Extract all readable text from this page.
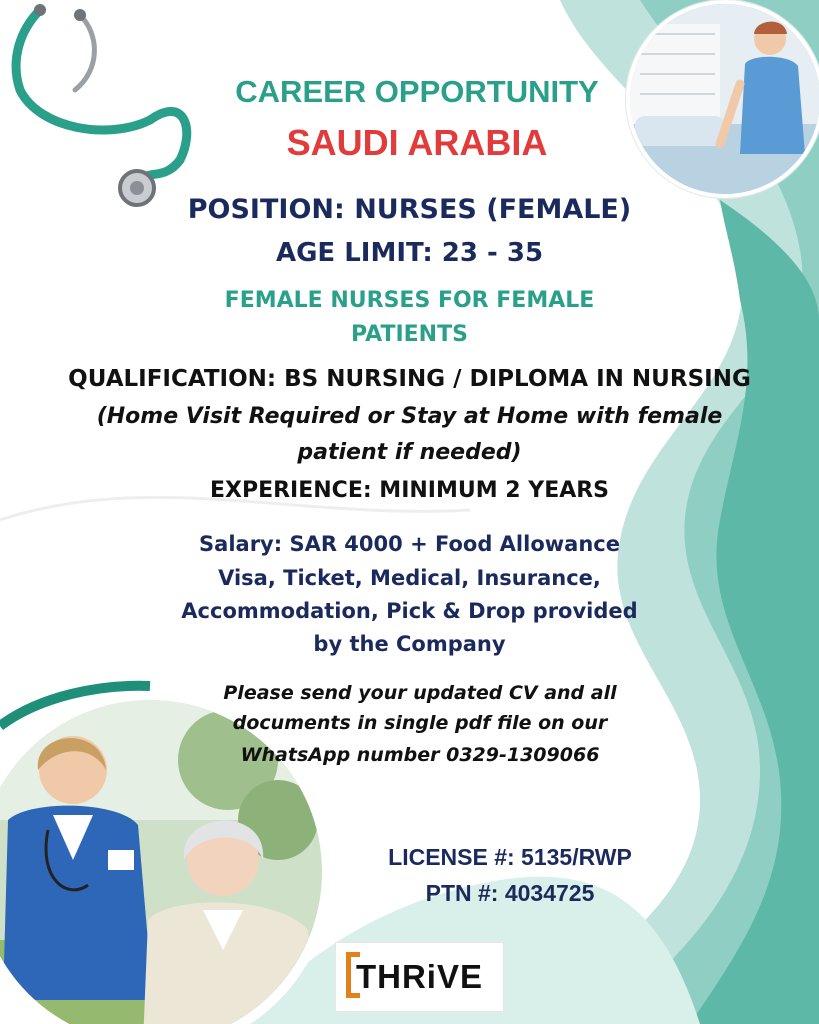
CAREER OPPORTUNITY
SAUDI ARABIA
POSITION: NURSES (FEMALE)
AGE LIMIT: 23 - 35
FEMALE NURSES FOR FEMALE
PATIENTS
QUALIFICATION: BS NURSING / DIPLOMA IN NURSING
(Home Visit Required or Stay at Home with female
patient if needed)
EXPERIENCE: MINIMUM 2 YEARS
Salary: SAR 4000 + Food Allowance
Visa, Ticket, Medical, Insurance,
Accommodation, Pick & Drop provided
by the Company
Please send your updated CV and all
documents in single pdf file on our
WhatsApp number 0329-1309066
LICENSE #: 5135/RWP
PTN #: 4034725
THRiVE
